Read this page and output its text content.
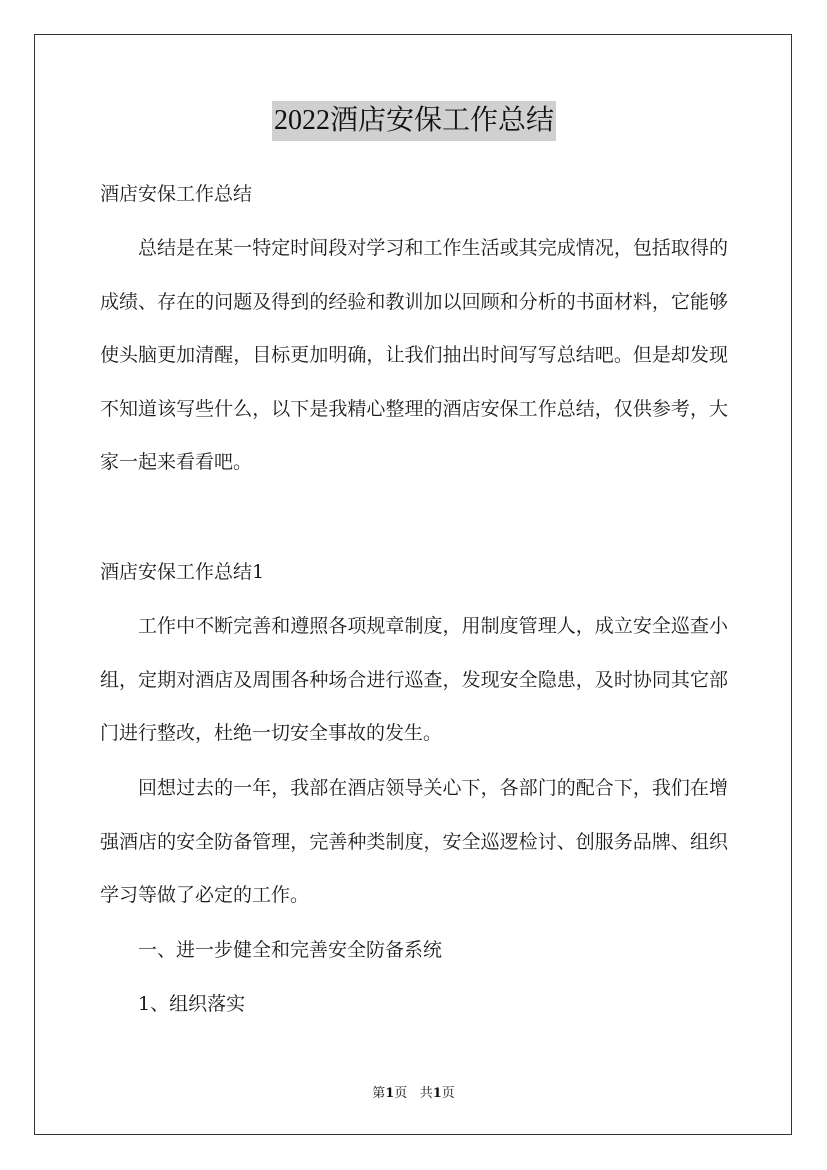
2022酒店安保工作总结

酒店安保工作总结

总结是在某一特定时间段对学习和工作生活或其完成情况，包括取得的成绩、存在的问题及得到的经验和教训加以回顾和分析的书面材料，它能够使头脑更加清醒，目标更加明确，让我们抽出时间写写总结吧。但是却发现不知道该写些什么，以下是我精心整理的酒店安保工作总结，仅供参考，大家一起来看看吧。

酒店安保工作总结1

工作中不断完善和遵照各项规章制度，用制度管理人，成立安全巡查小组，定期对酒店及周围各种场合进行巡查，发现安全隐患，及时协同其它部门进行整改，杜绝一切安全事故的发生。

回想过去的一年，我部在酒店领导关心下，各部门的配合下，我们在增强酒店的安全防备管理，完善种类制度，安全巡逻检讨、创服务品牌、组织学习等做了必定的工作。

一、进一步健全和完善安全防备系统

1、组织落实

第1页 共1页
